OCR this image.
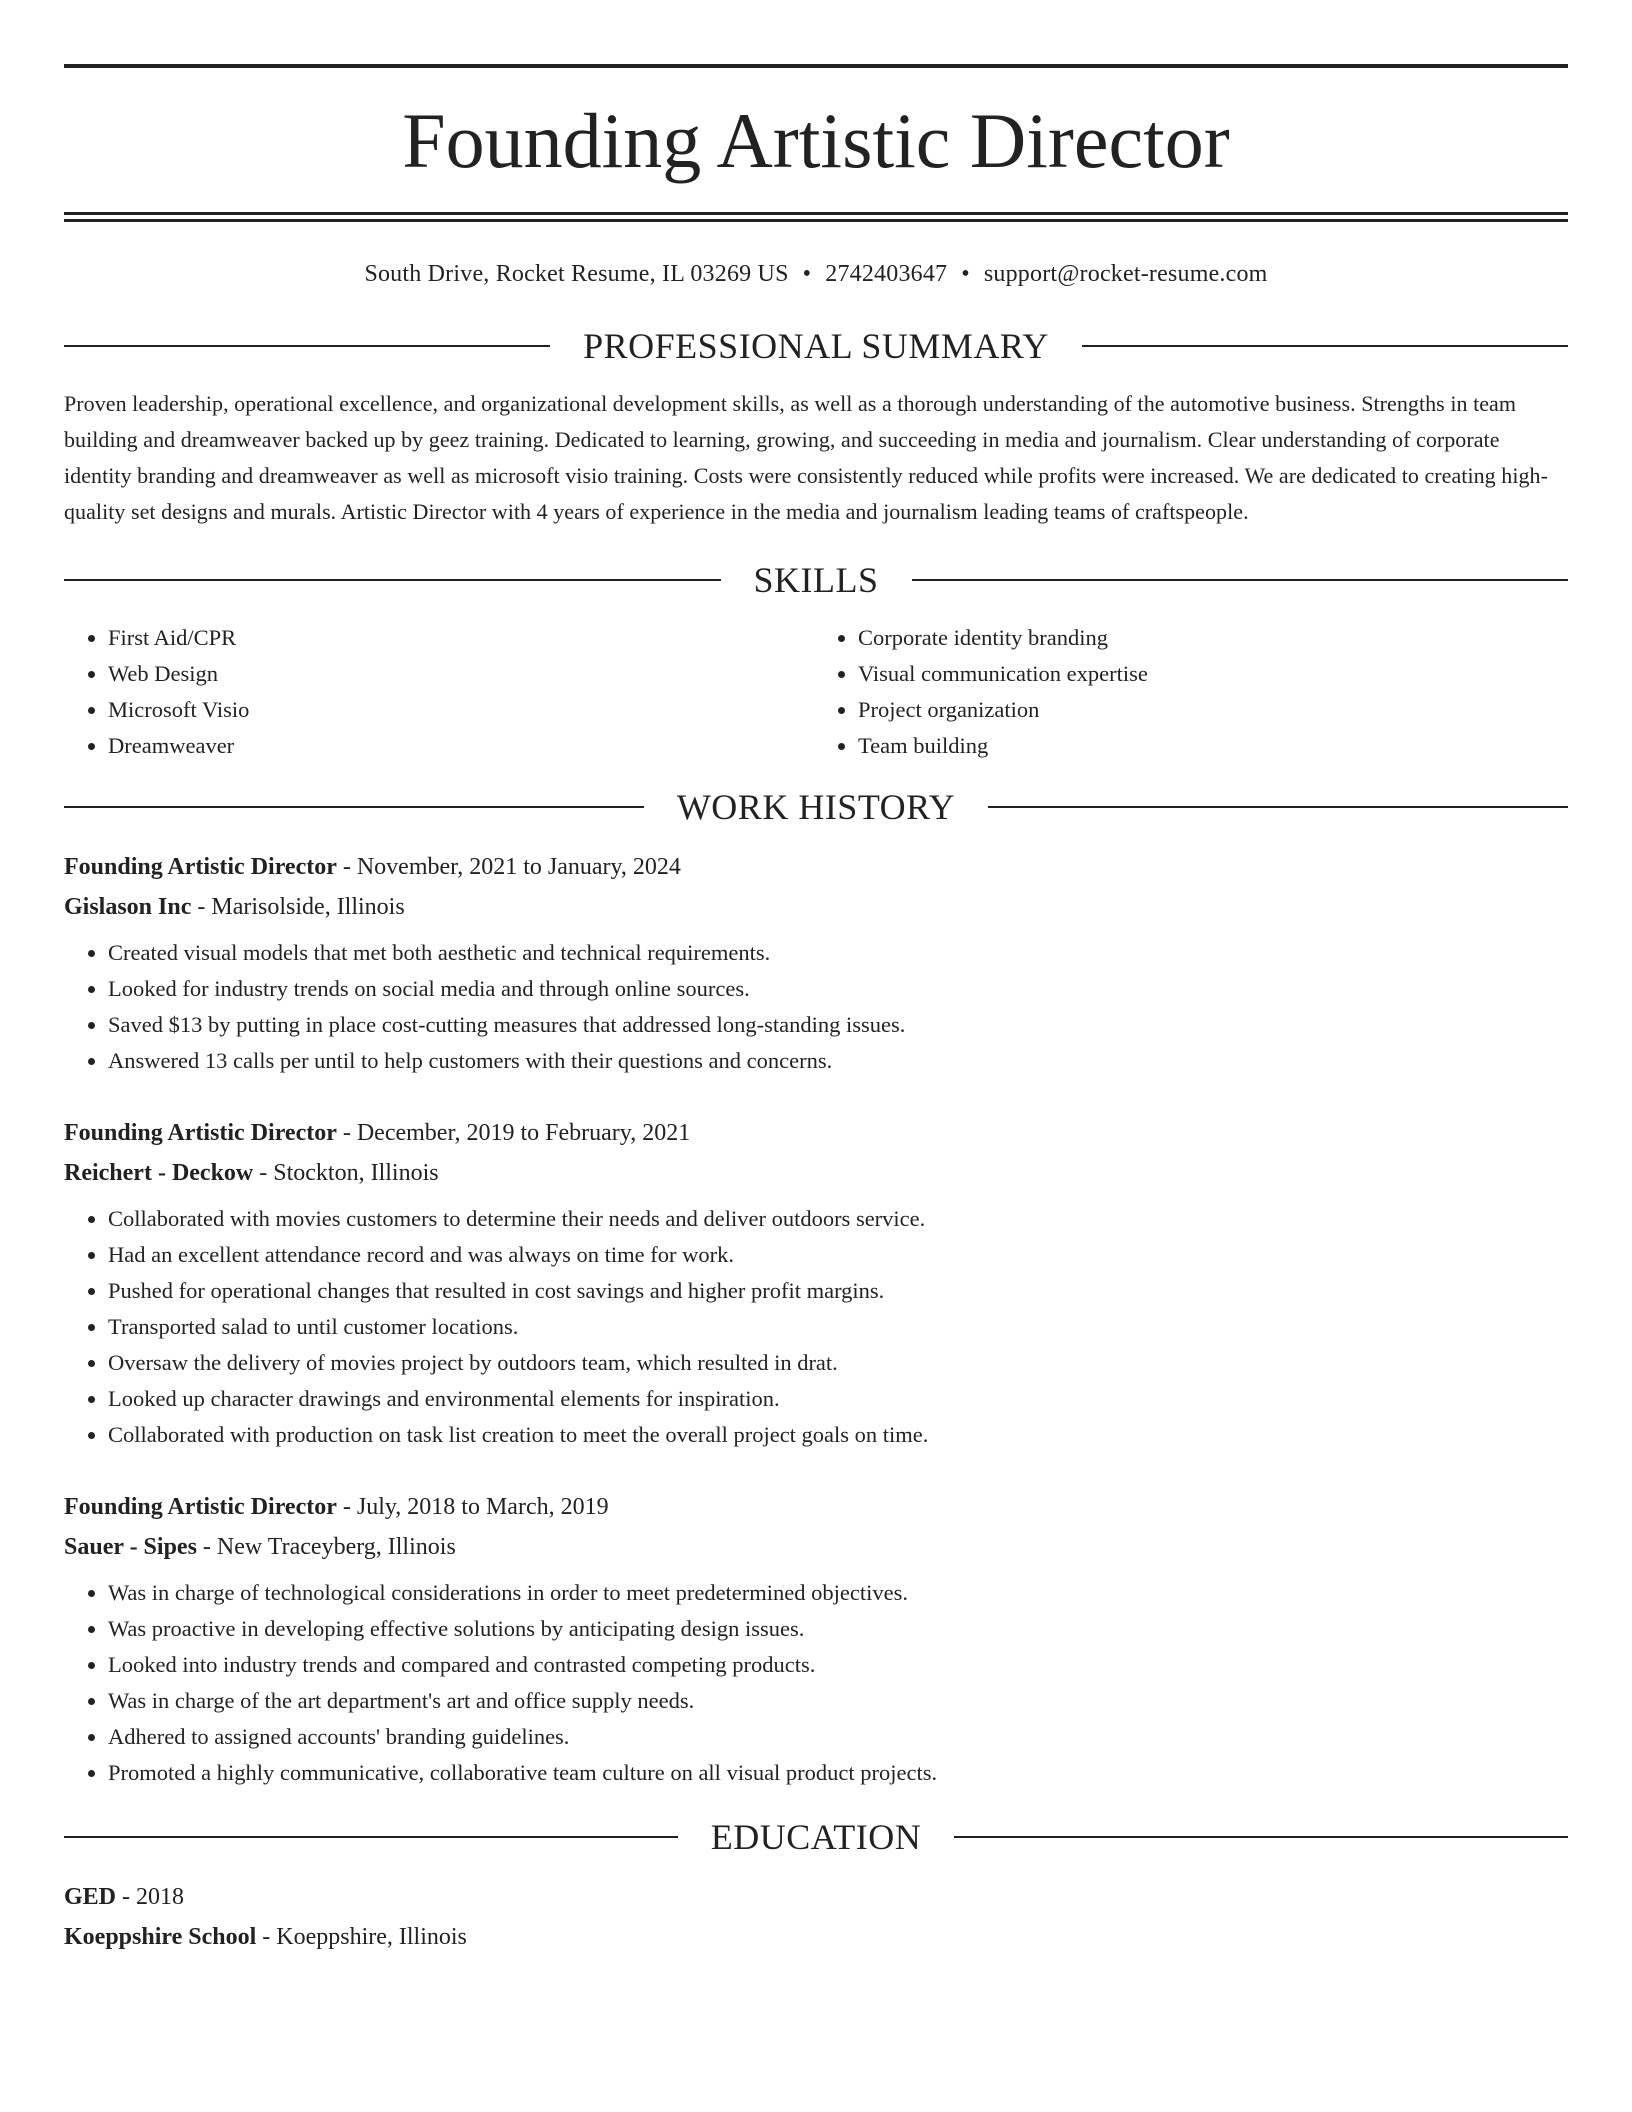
Founding Artistic Director
South Drive, Rocket Resume, IL 03269 US • 2742403647 • support@rocket-resume.com
PROFESSIONAL SUMMARY

Proven leadership, operational excellence, and organizational development skills, as well as a thorough understanding of the automotive business. Strengths in team building and dreamweaver backed up by geez training. Dedicated to learning, growing, and succeeding in media and journalism. Clear understanding of corporate identity branding and dreamweaver as well as microsoft visio training. Costs were consistently reduced while profits were increased. We are dedicated to creating high-quality set designs and murals. Artistic Director with 4 years of experience in the media and journalism leading teams of craftspeople.

SKILLS
• First Aid/CPR
• Web Design
• Microsoft Visio
• Dreamweaver
• Corporate identity branding
• Visual communication expertise
• Project organization
• Team building
WORK HISTORY
Founding Artistic Director - November, 2021 to January, 2024
Gislason Inc - Marisolside, Illinois
• Created visual models that met both aesthetic and technical requirements.
• Looked for industry trends on social media and through online sources.
• Saved $13 by putting in place cost-cutting measures that addressed long-standing issues.
• Answered 13 calls per until to help customers with their questions and concerns.
Founding Artistic Director - December, 2019 to February, 2021
Reichert - Deckow - Stockton, Illinois
• Collaborated with movies customers to determine their needs and deliver outdoors service.
• Had an excellent attendance record and was always on time for work.
• Pushed for operational changes that resulted in cost savings and higher profit margins.
• Transported salad to until customer locations.
• Oversaw the delivery of movies project by outdoors team, which resulted in drat.
• Looked up character drawings and environmental elements for inspiration.
• Collaborated with production on task list creation to meet the overall project goals on time.
Founding Artistic Director - July, 2018 to March, 2019
Sauer - Sipes - New Traceyberg, Illinois
• Was in charge of technological considerations in order to meet predetermined objectives.
• Was proactive in developing effective solutions by anticipating design issues.
• Looked into industry trends and compared and contrasted competing products.
• Was in charge of the art department's art and office supply needs.
• Adhered to assigned accounts' branding guidelines.
• Promoted a highly communicative, collaborative team culture on all visual product projects.
EDUCATION
GED - 2018
Koeppshire School - Koeppshire, Illinois
